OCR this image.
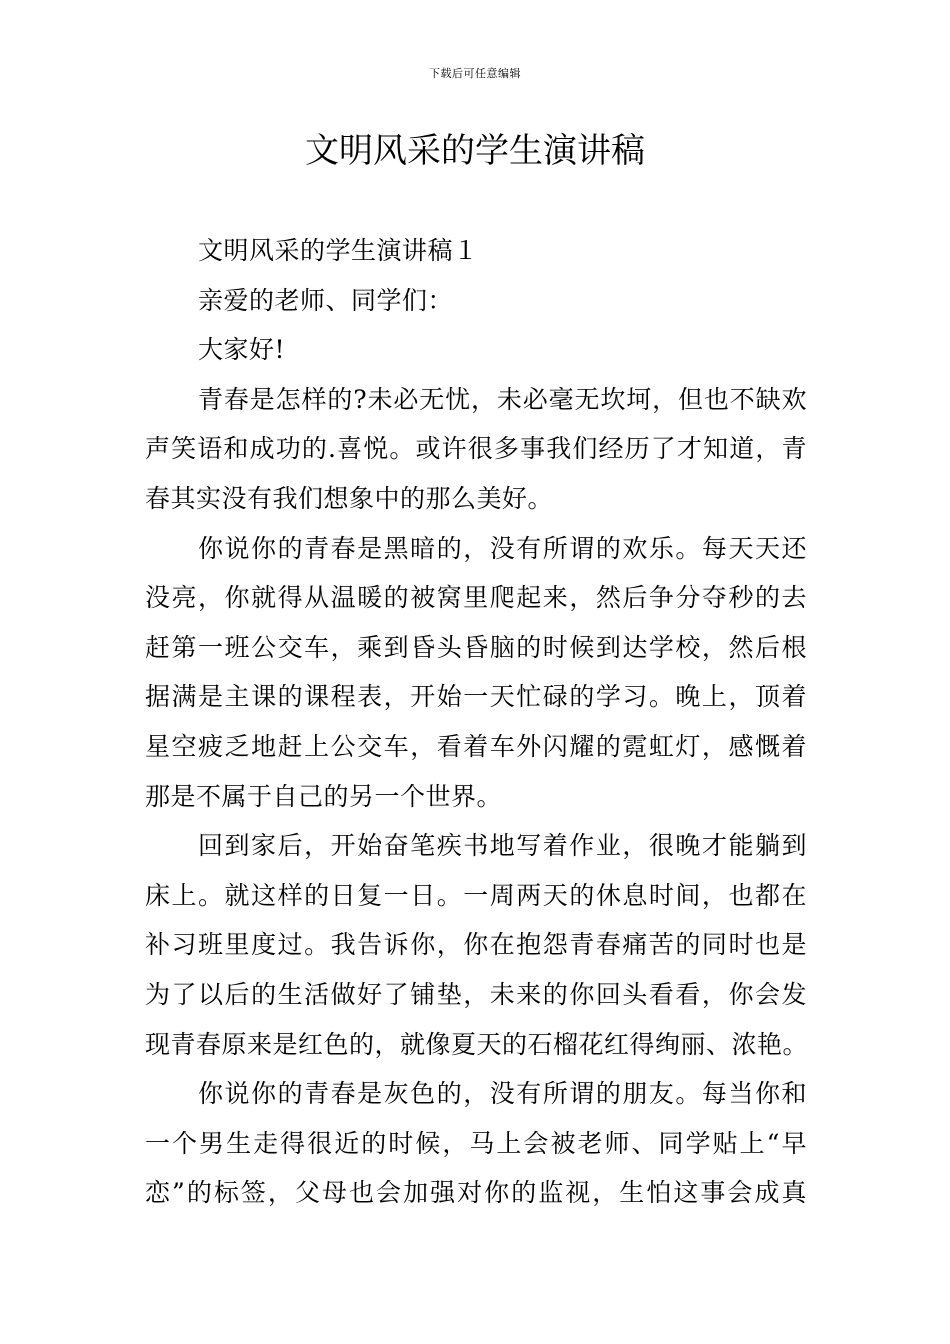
下载后可任意编辑
文明风采的学生演讲稿
文明风采的学生演讲稿１
亲爱的老师、同学们：
大家好!
青春是怎样的?未必无忧，未必毫无坎坷，但也不缺欢
声笑语和成功的.喜悦。或许很多事我们经历了才知道，青
春其实没有我们想象中的那么美好。
你说你的青春是黑暗的，没有所谓的欢乐。每天天还
没亮，你就得从温暖的被窝里爬起来，然后争分夺秒的去
赶第一班公交车，乘到昏头昏脑的时候到达学校，然后根
据满是主课的课程表，开始一天忙碌的学习。晚上，顶着
星空疲乏地赶上公交车，看着车外闪耀的霓虹灯，感慨着
那是不属于自己的另一个世界。
回到家后，开始奋笔疾书地写着作业，很晚才能躺到
床上。就这样的日复一日。一周两天的休息时间，也都在
补习班里度过。我告诉你，你在抱怨青春痛苦的同时也是
为了以后的生活做好了铺垫，未来的你回头看看，你会发
现青春原来是红色的，就像夏天的石榴花红得绚丽、浓艳。
你说你的青春是灰色的，没有所谓的朋友。每当你和
一个男生走得很近的时候，马上会被老师、同学贴上“早
恋”的标签，父母也会加强对你的监视，生怕这事会成真
